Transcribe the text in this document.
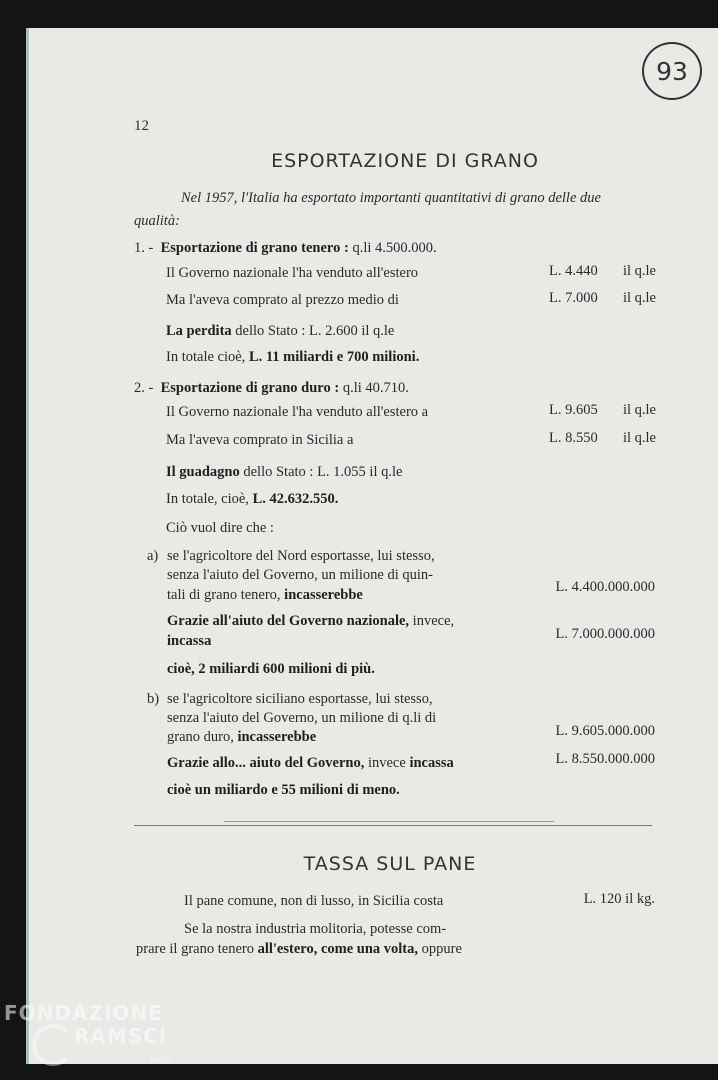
93
12
ESPORTAZIONE DI GRANO
Nel 1957, l'Italia ha esportato importanti quantitativi di grano delle due
qualità:
1. - Esportazione di grano tenero : q.li 4.500.000.
Il Governo nazionale l'ha venduto all'estero	L. 4.440 il q.le
Ma l'aveva comprato al prezzo medio di	L. 7.000 il q.le
La perdita dello Stato : L. 2.600 il q.le
In totale cioè, L. 11 miliardi e 700 milioni.
2. - Esportazione di grano duro : q.li 40.710.
Il Governo nazionale l'ha venduto all'estero a	L. 9.605 il q.le
Ma l'aveva comprato in Sicilia a	L. 8.550 il q.le
Il guadagno dello Stato : L. 1.055 il q.le
In totale, cioè, L. 42.632.550.
Ciò vuol dire che :
a) se l'agricoltore del Nord esportasse, lui stesso,
senza l'aiuto del Governo, un milione di quin-
tali di grano tenero, incasserebbe	L. 4.400.000.000
Grazie all'aiuto del Governo nazionale, invece,
incassa	L. 7.000.000.000
cioè, 2 miliardi 600 milioni di più.
b) se l'agricoltore siciliano esportasse, lui stesso,
senza l'aiuto del Governo, un milione di q.li di
grano duro, incasserebbe	L. 9.605.000.000
Grazie allo... aiuto del Governo, invece incassa	L. 8.550.000.000
cioè un miliardo e 55 milioni di meno.
TASSA SUL PANE
Il pane comune, non di lusso, in Sicilia costa	L. 120 il kg.
Se la nostra industria molitoria, potesse com-
prare il grano tenero all'estero, come una volta, oppure
FONDAZIONE
RAMSCI
onlus
